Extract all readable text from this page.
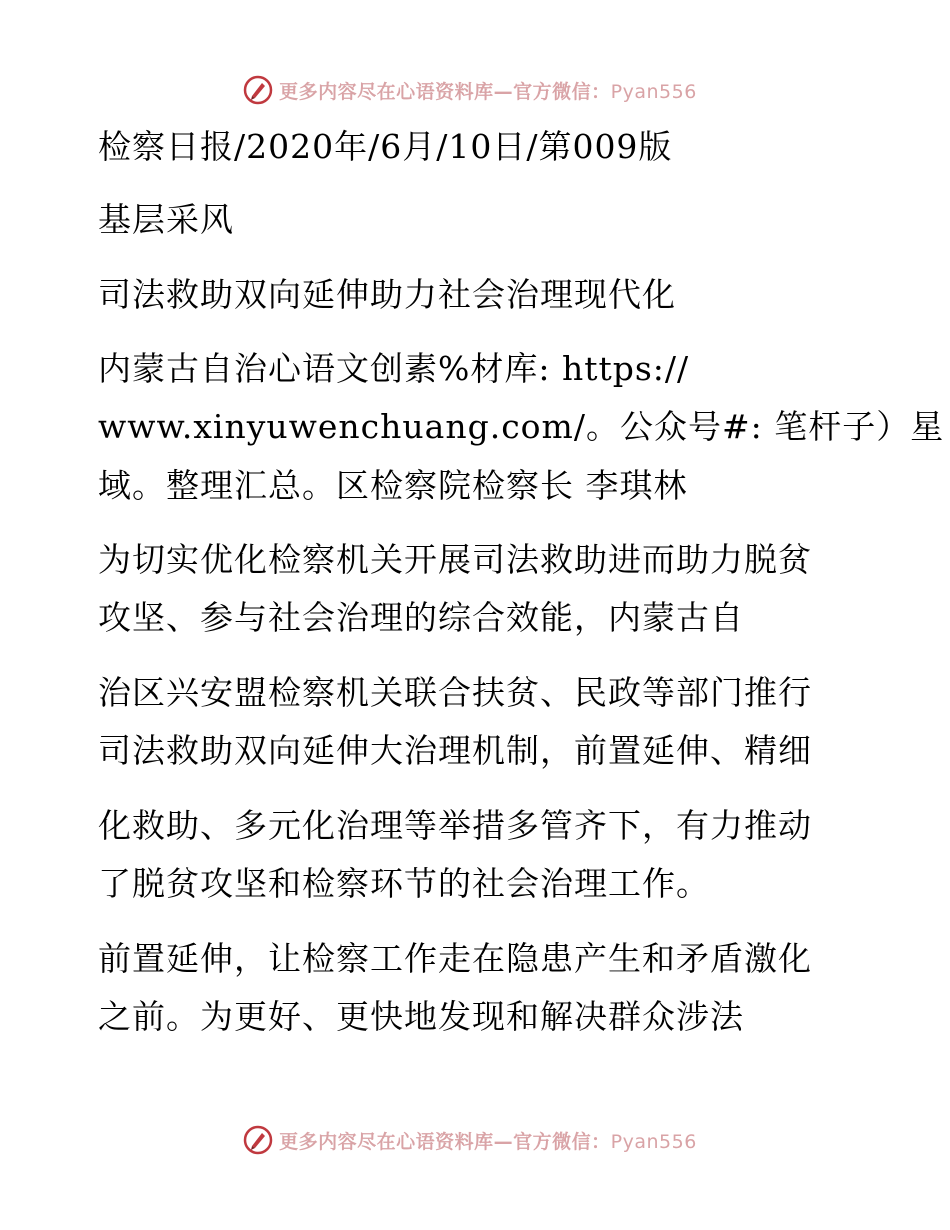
更多内容尽在心语资料库—官方微信：Pyan556
检察日报/2020年/6月/10日/第009版
基层采风
司法救助双向延伸助力社会治理现代化
内蒙古自治心语文创素%材库: https://
www.xinyuwenchuang.com/。公众号#: 笔杆子）星
域。整理汇总。区检察院检察长 李琪林
为切实优化检察机关开展司法救助进而助力脱贫
攻坚、参与社会治理的综合效能，内蒙古自
治区兴安盟检察机关联合扶贫、民政等部门推行
司法救助双向延伸大治理机制，前置延伸、精细
化救助、多元化治理等举措多管齐下，有力推动
了脱贫攻坚和检察环节的社会治理工作。
前置延伸，让检察工作走在隐患产生和矛盾激化
之前。为更好、更快地发现和解决群众涉法
更多内容尽在心语资料库—官方微信：Pyan556
